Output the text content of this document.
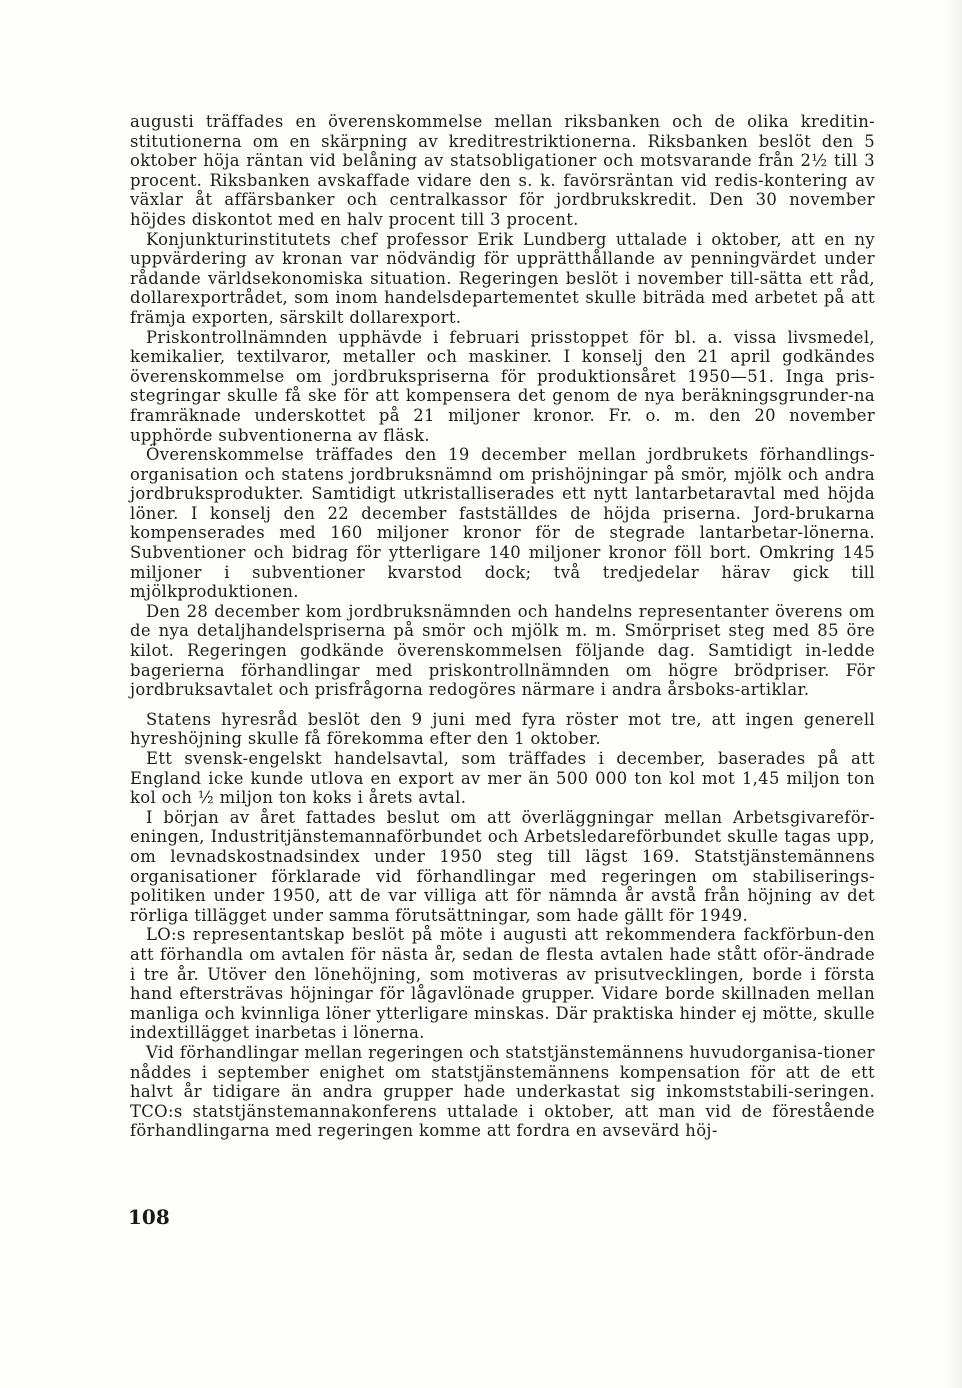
augusti träffades en överenskommelse mellan riksbanken och de olika kreditin-stitutionerna om en skärpning av kreditrestriktionerna. Riksbanken beslöt den 5 oktober höja räntan vid belåning av statsobligationer och motsvarande från 2½ till 3 procent. Riksbanken avskaffade vidare den s. k. favörsräntan vid redis-kontering av växlar åt affärsbanker och centralkassor för jordbrukskredit. Den 30 november höjdes diskontot med en halv procent till 3 procent.

Konjunkturinstitutets chef professor Erik Lundberg uttalade i oktober, att en ny uppvärdering av kronan var nödvändig för upprätthållande av penningvärdet under rådande världsekonomiska situation. Regeringen beslöt i november till-sätta ett råd, dollarexportrådet, som inom handelsdepartementet skulle biträda med arbetet på att främja exporten, särskilt dollarexport.

Priskontrollnämnden upphävde i februari prisstoppet för bl. a. vissa livsmedel, kemikalier, textilvaror, metaller och maskiner. I konselj den 21 april godkändes överenskommelse om jordbrukspriserna för produktionsåret 1950—51. Inga pris-stegringar skulle få ske för att kompensera det genom de nya beräkningsgrunder-na framräknade underskottet på 21 miljoner kronor. Fr. o. m. den 20 november upphörde subventionerna av fläsk.

Överenskommelse träffades den 19 december mellan jordbrukets förhandlings-organisation och statens jordbruksnämnd om prishöjningar på smör, mjölk och andra jordbruksprodukter. Samtidigt utkristalliserades ett nytt lantarbetaravtal med höjda löner. I konselj den 22 december fastställdes de höjda priserna. Jord-brukarna kompenserades med 160 miljoner kronor för de stegrade lantarbetar-lönerna. Subventioner och bidrag för ytterligare 140 miljoner kronor föll bort. Omkring 145 miljoner i subventioner kvarstod dock; två tredjedelar härav gick till mjölkproduktionen.

Den 28 december kom jordbruksnämnden och handelns representanter överens om de nya detaljhandelspriserna på smör och mjölk m. m. Smörpriset steg med 85 öre kilot. Regeringen godkände överenskommelsen följande dag. Samtidigt in-ledde bagerierna förhandlingar med priskontrollnämnden om högre brödpriser. För jordbruksavtalet och prisfrågorna redogöres närmare i andra årsboks-artiklar.

Statens hyresråd beslöt den 9 juni med fyra röster mot tre, att ingen generell hyreshöjning skulle få förekomma efter den 1 oktober.

Ett svensk-engelskt handelsavtal, som träffades i december, baserades på att England icke kunde utlova en export av mer än 500 000 ton kol mot 1,45 miljon ton kol och ½ miljon ton koks i årets avtal.

I början av året fattades beslut om att överläggningar mellan Arbetsgivareför-eningen, Industritjänstemannaförbundet och Arbetsledareförbundet skulle tagas upp, om levnadskostnadsindex under 1950 steg till lägst 169. Statstjänstemännens organisationer förklarade vid förhandlingar med regeringen om stabiliserings-politiken under 1950, att de var villiga att för nämnda år avstå från höjning av det rörliga tillägget under samma förutsättningar, som hade gällt för 1949.

LO:s representantskap beslöt på möte i augusti att rekommendera fackförbun-den att förhandla om avtalen för nästa år, sedan de flesta avtalen hade stått oför-ändrade i tre år. Utöver den lönehöjning, som motiveras av prisutvecklingen, borde i första hand eftersträvas höjningar för lågavlönade grupper. Vidare borde skillnaden mellan manliga och kvinnliga löner ytterligare minskas. Där praktiska hinder ej mötte, skulle indextillägget inarbetas i lönerna.

Vid förhandlingar mellan regeringen och statstjänstemännens huvudorganisa-tioner nåddes i september enighet om statstjänstemännens kompensation för att de ett halvt år tidigare än andra grupper hade underkastat sig inkomststabili-seringen. TCO:s statstjänstemannakonferens uttalade i oktober, att man vid de förestående förhandlingarna med regeringen komme att fordra en avsevärd höj-

108
